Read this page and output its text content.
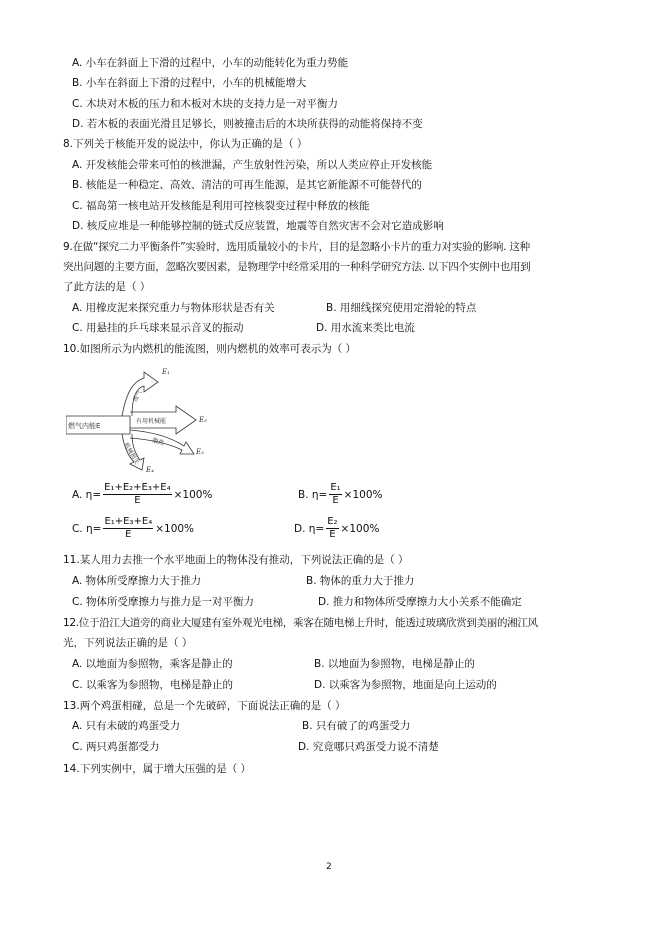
A. 小车在斜面上下滑的过程中，小车的动能转化为重力势能
B. 小车在斜面上下滑的过程中，小车的机械能增大
C. 木块对木板的压力和木板对木块的支持力是一对平衡力
D. 若木板的表面光滑且足够长，则被撞击后的木块所获得的动能将保持不变
8.下列关于核能开发的说法中，你认为正确的是（ ）
A. 开发核能会带来可怕的核泄漏，产生放射性污染，所以人类应停止开发核能
B. 核能是一种稳定、高效、清洁的可再生能源，是其它新能源不可能替代的
C. 福岛第一核电站开发核能是利用可控核裂变过程中释放的核能
D. 核反应堆是一种能够控制的链式反应装置，地震等自然灾害不会对它造成影响
9.在做“探究二力平衡条件”实验时，选用质量较小的卡片，目的是忽略小卡片的重力对实验的影响. 这种
突出问题的主要方面，忽略次要因素，是物理学中经常采用的一种科学研究方法. 以下四个实例中也用到
了此方法的是（ ）
A. 用橡皮泥来探究重力与物体形状是否有关	B. 用细线探究使用定滑轮的特点
C. 用悬挂的乒乓球来显示音叉的振动	D. 用水流来类比电流
10.如图所示为内燃机的能流图，则内燃机的效率可表示为（ ）
燃气内能E
废气
有用机械能
散热
机械损失
E₁
E₂
E₃
E₄
A. $\eta= \frac{\text{E₁+E₂+E₃+E₄}}{E} \times 100\%$	B. $\eta= \frac{\text{E₁}}{E} \times 100\%$
C. $\eta= \frac{\text{E₁+E₃+E₄}}{E} \times 100\%$	D. $\eta= \frac{\text{E₂}}{E} \times 100\%$
11.某人用力去推一个水平地面上的物体没有推动，下列说法正确的是（ ）
A. 物体所受摩擦力大于推力	B. 物体的重力大于推力
C. 物体所受摩擦力与推力是一对平衡力	D. 推力和物体所受摩擦力大小关系不能确定
12.位于沿江大道旁的商业大厦建有室外观光电梯，乘客在随电梯上升时，能透过玻璃欣赏到美丽的湘江风
光，下列说法正确的是（ ）
A. 以地面为参照物，乘客是静止的	B. 以地面为参照物，电梯是静止的
C. 以乘客为参照物，电梯是静止的	D. 以乘客为参照物，地面是向上运动的
13.两个鸡蛋相碰，总是一个先破碎，下面说法正确的是（ ）
A. 只有未破的鸡蛋受力	B. 只有破了的鸡蛋受力
C. 两只鸡蛋都受力	D. 究竟哪只鸡蛋受力说不清楚
14.下列实例中，属于增大压强的是（ ）
2
